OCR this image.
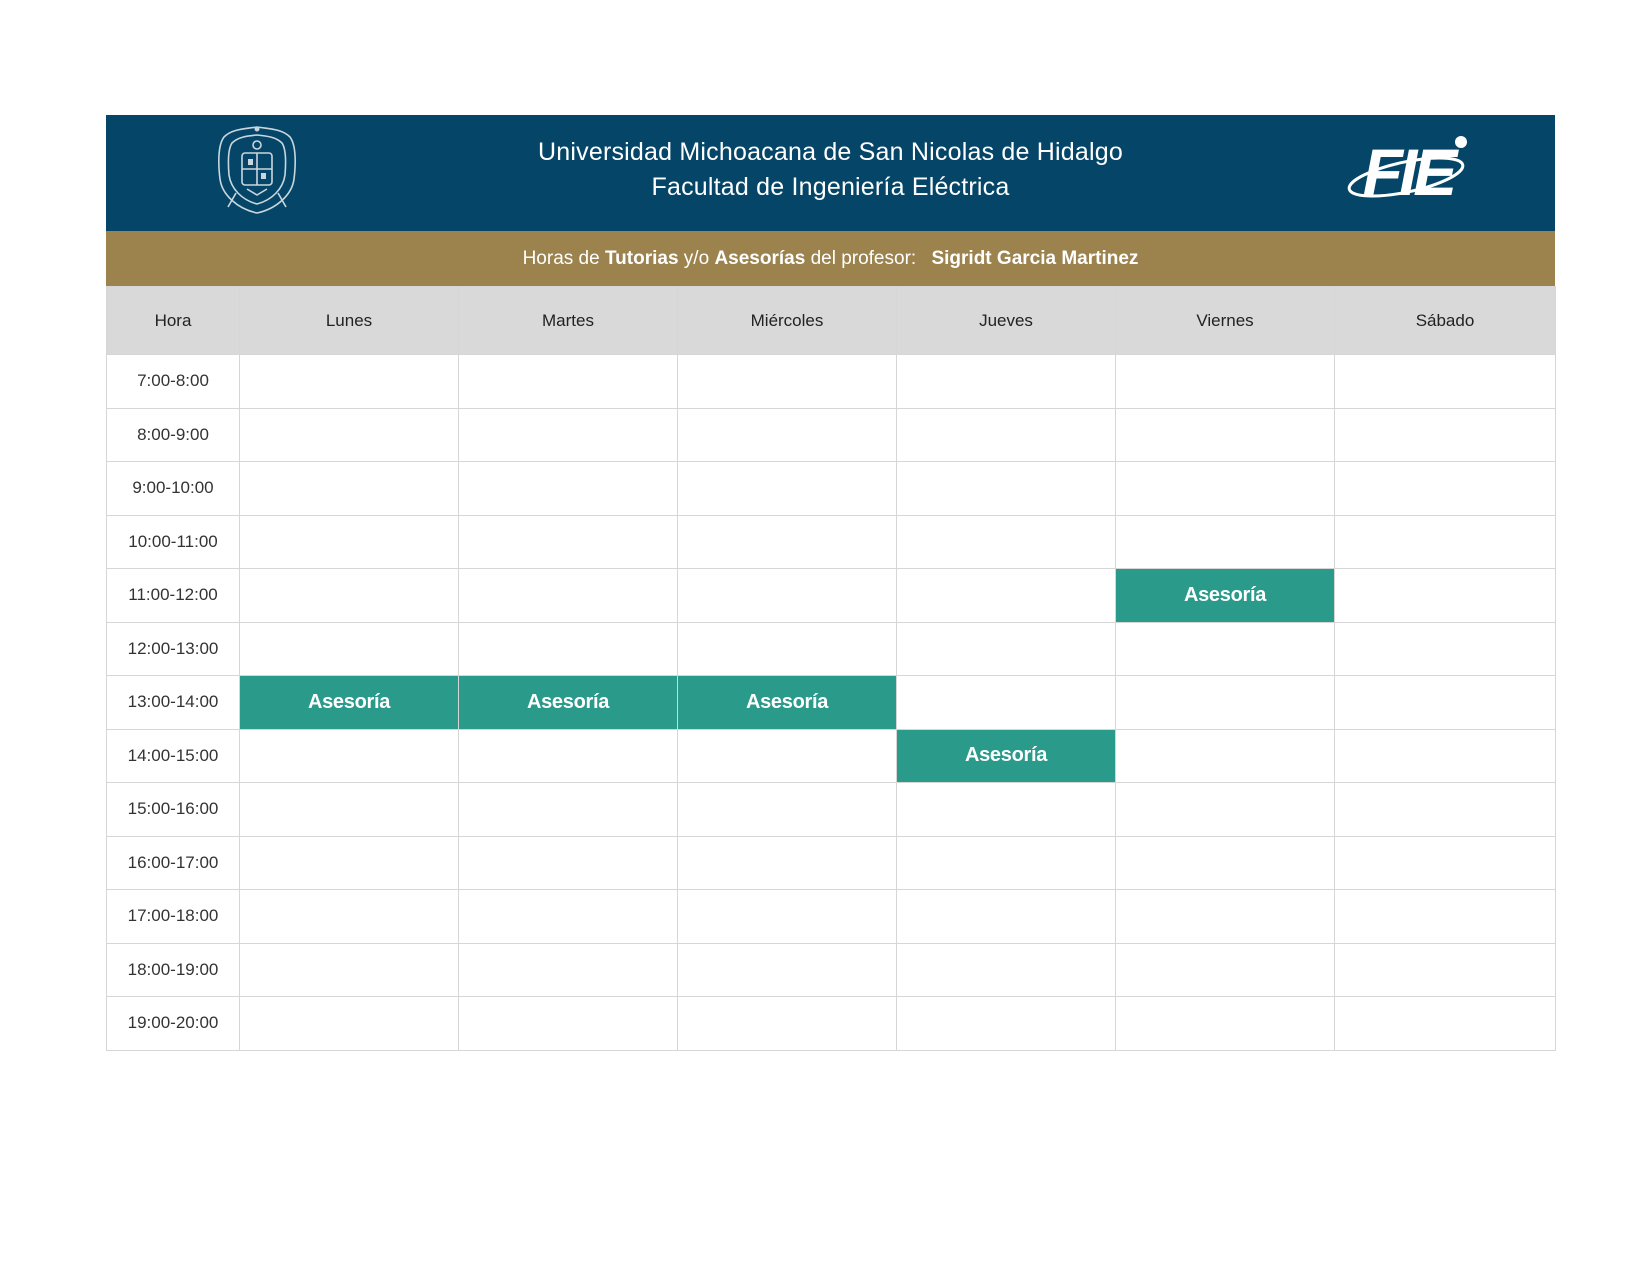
Universidad Michoacana de San Nicolas de Hidalgo
Facultad de Ingeniería Eléctrica	FIE
Horas de Tutorias y/o Asesorías del profesor: Sigridt Garcia Martinez
Hora	Lunes	Martes	Miércoles	Jueves	Viernes	Sábado
7:00-8:00						
8:00-9:00						
9:00-10:00						
10:00-11:00						
11:00-12:00					Asesoría	
12:00-13:00						
13:00-14:00	Asesoría	Asesoría	Asesoría			
14:00-15:00				Asesoría		
15:00-16:00						
16:00-17:00						
17:00-18:00						
18:00-19:00						
19:00-20:00						
